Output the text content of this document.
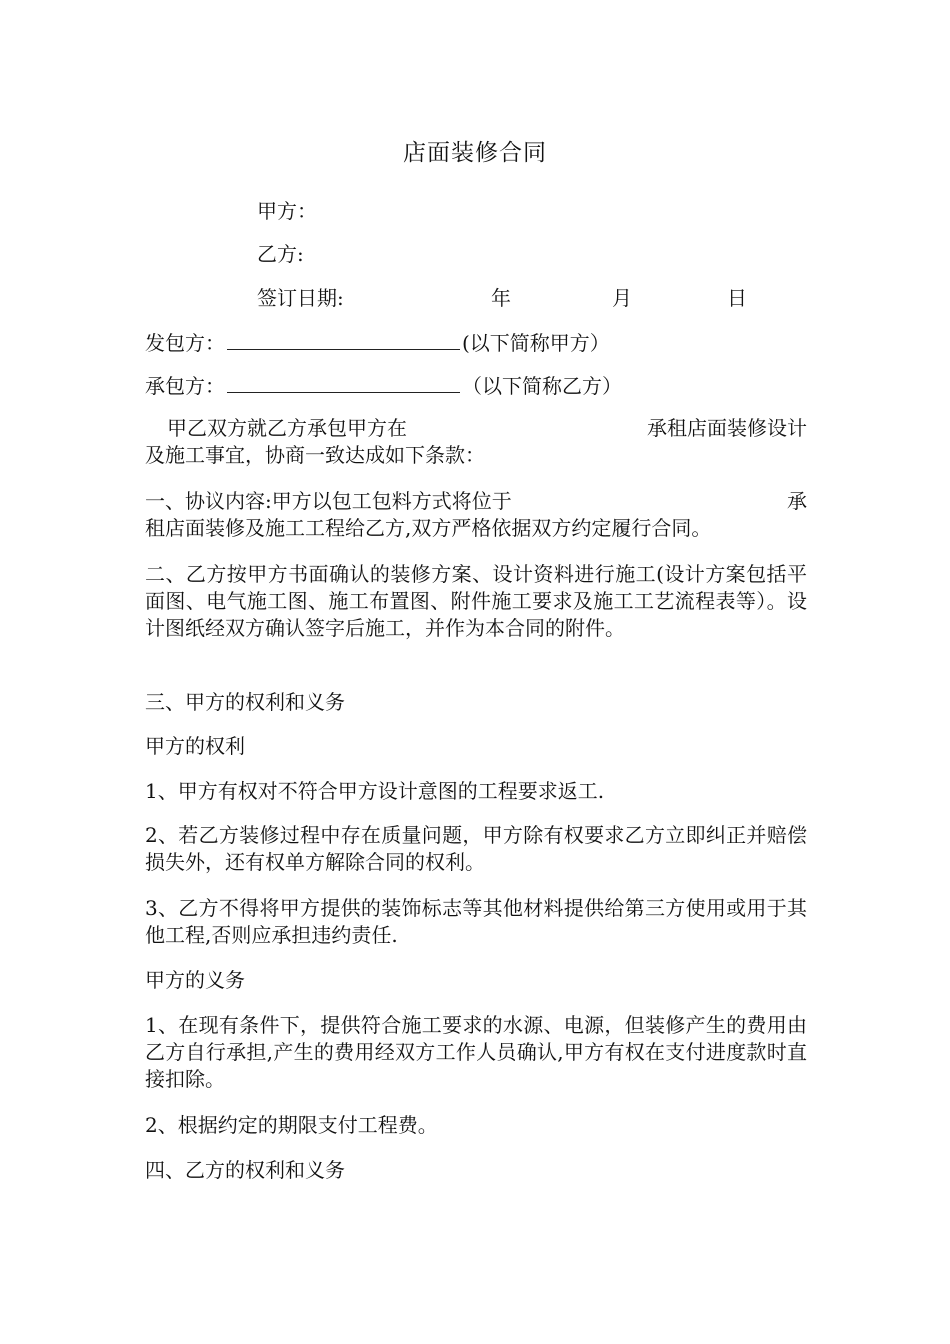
店面装修合同
甲方：
乙方:
签订日期:	年	月	日
发包方：	(以下简称甲方）
承包方：	（以下简称乙方）
甲乙双方就乙方承包甲方在	承租店面装修设计
及施工事宜，协商一致达成如下条款：
一、协议内容:甲方以包工包料方式将位于	承
租店面装修及施工工程给乙方,双方严格依据双方约定履行合同。
二、乙方按甲方书面确认的装修方案、设计资料进行施工(设计方案包括平面图、电气施工图、施工布置图、附件施工要求及施工工艺流程表等）。设计图纸经双方确认签字后施工，并作为本合同的附件。
三、甲方的权利和义务
甲方的权利
1、甲方有权对不符合甲方设计意图的工程要求返工.
2、若乙方装修过程中存在质量问题，甲方除有权要求乙方立即纠正并赔偿损失外，还有权单方解除合同的权利。
3、乙方不得将甲方提供的装饰标志等其他材料提供给第三方使用或用于其他工程,否则应承担违约责任.
甲方的义务
1、在现有条件下，提供符合施工要求的水源、电源，但装修产生的费用由乙方自行承担,产生的费用经双方工作人员确认,甲方有权在支付进度款时直接扣除。
2、根据约定的期限支付工程费。
四、乙方的权利和义务
